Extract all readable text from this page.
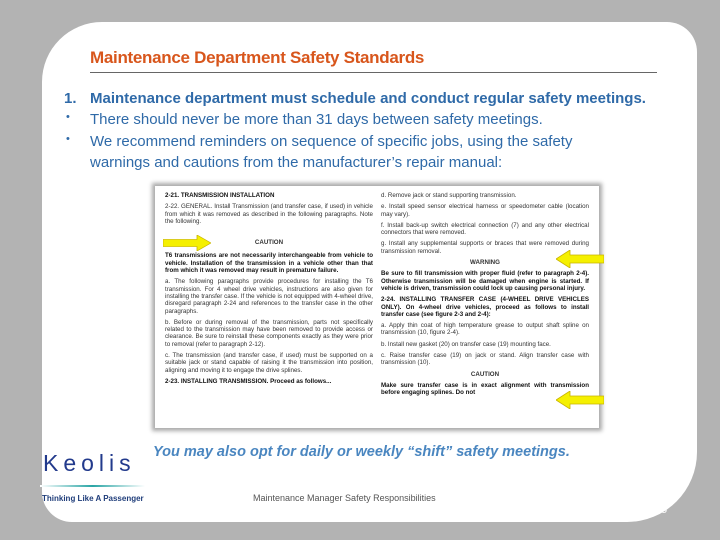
Maintenance Department Safety Standards
1. Maintenance department must schedule and conduct regular safety meetings.
• There should never be more than 31 days between safety meetings.
• We recommend reminders on sequence of specific jobs, using the safety
warnings and cautions from the manufacturer’s repair manual:

2-21. TRANSMISSION INSTALLATION

2-22. GENERAL. Install Transmission (and transfer case, if used) in vehicle from which it was removed as described in the following paragraphs. Note the following.

CAUTION

T6 transmissions are not necessarily interchangeable from vehicle to vehicle. Installation of the transmission in a vehicle other than that from which it was removed may result in premature failure.

a. The following paragraphs provide procedures for installing the T6 transmission. For 4 wheel drive vehicles, instructions are also given for installing the transfer case. If the vehicle is not equipped with 4-wheel drive, disregard paragraph 2-24 and references to the transfer case in the other paragraphs.

b. Before or during removal of the transmission, parts not specifically related to the transmission may have been removed to provide access or clearance. Be sure to reinstall these components exactly as they were prior to removal (refer to paragraph 2-12).

c. The transmission (and transfer case, if used) must be supported on a suitable jack or stand capable of raising it the transmission into position, aligning and moving it to engage the drive splines.

2-23. INSTALLING TRANSMISSION. Proceed as follows...

d. Remove jack or stand supporting transmission.

e. Install speed sensor electrical harness or speedometer cable (location may vary).

f. Install back-up switch electrical connection (7) and any other electrical connectors that were removed.

g. Install any supplemental supports or braces that were removed during transmission removal.

WARNING

Be sure to fill transmission with proper fluid (refer to paragraph 2-4). Otherwise transmission will be damaged when engine is started. If vehicle is driven, transmission could lock up causing personal injury.

2-24. INSTALLING TRANSFER CASE (4-WHEEL DRIVE VEHICLES ONLY). On 4-wheel drive vehicles, proceed as follows to install transfer case (see figure 2-3 and 2-4):

a. Apply thin coat of high temperature grease to output shaft spline on transmission (10, figure 2-4).

b. Install new gasket (20) on transfer case (19) mounting face.

c. Raise transfer case (19) on jack or stand. Align transfer case with transmission (10).

CAUTION

Make sure transfer case is in exact alignment with transmission before engaging splines. Do not

You may also opt for daily or weekly “shift” safety meetings.
Keolis
Thinking Like A Passenger	Maintenance Manager Safety Responsibilities
5
